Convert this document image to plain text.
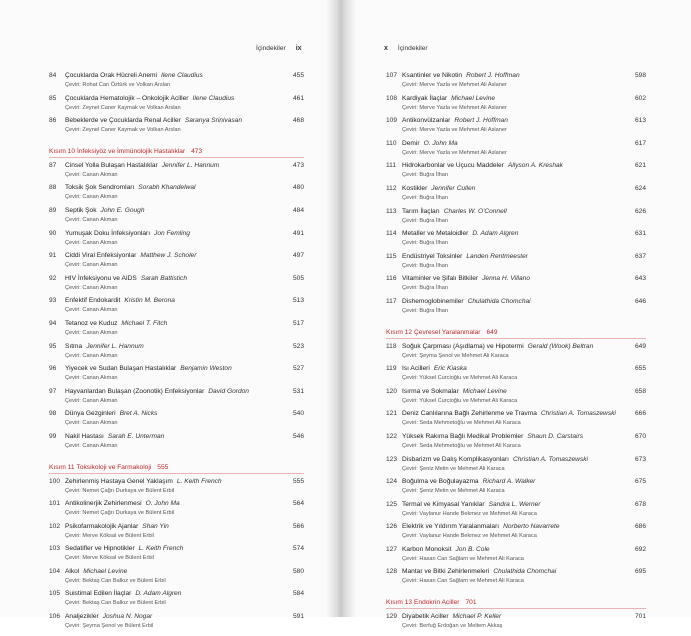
İçindekiler ix
84 Çocuklarda Orak Hücreli Anemi Ilene Claudius
Çeviri: Rohat Can Öztürk ve Volkan Arslan
455
85 Çocuklarda Hematolojik – Onkolojik Aciller Ilene Claudius
Çeviri: Zeynel Caner Kaymak ve Volkan Arslan
461
86 Bebeklerde ve Çocuklarda Renal Aciller Saranya Srinivasan
Çeviri: Zeynel Caner Kaymak ve Volkan Arslan
468
Kısım 10 İnfeksiyöz ve İmmünolojik Hastalıklar 473
87 Cinsel Yolla Bulaşan Hastalıklar Jennifer L. Hannum
Çeviri: Canan Akman
473
88 Toksik Şok Sendromları Sorabh Khandelwal
Çeviri: Canan Akman
480
89 Septik Şok John E. Gough
Çeviri: Canan Akman
484
90 Yumuşak Doku İnfeksiyonları Jon Femling
Çeviri: Canan Akman
491
91 Ciddi Viral Enfeksiyonlar Matthew J. Scholer
Çeviri: Canan Akman
497
92 HIV İnfeksiyonu ve AIDS Sarah Battistich
Çeviri: Canan Akman
505
93 Enfektif Endokardit Kristin M. Berona
Çeviri: Canan Akman
513
94 Tetanoz ve Kuduz Michael T. Fitch
Çeviri: Canan Akman
517
95 Sıtma Jennifer L. Hannum
Çeviri: Canan Akman
523
96 Yiyecek ve Sudan Bulaşan Hastalıklar Benjamin Weston
Çeviri: Canan Akman
527
97 Hayvanlardan Bulaşan (Zoonotik) Enfeksiyonlar David Gordon
Çeviri: Canan Akman
531
98 Dünya Gezginleri Bret A. Nicks
Çeviri: Canan Akman
540
99 Nakil Hastası Sarah E. Unterman
Çeviri: Canan Akman
546
Kısım 11 Toksikoloji ve Farmakoloji 555
100 Zehirlenmiş Hastaya Genel Yaklaşım L. Keith French
Çeviri: Nemet Çağrı Durkaya ve Bülent Erbil
555
101 Antikolinerjik Zehirlenmesi O. John Ma
Çeviri: Nemet Çağrı Durkaya ve Bülent Erbil
564
102 Psikofarmakolojik Ajanlar Shan Yin
Çeviri: Merve Köksal ve Bülent Erbil
566
103 Sedatifler ve Hipnotikler L. Keith French
Çeviri: Merve Köksal ve Bülent Erbil
574
104 Alkol Michael Levine
Çeviri: Bektaş Can Balkız ve Bülent Erbil
580
105 Suistimal Edilen İlaçlar D. Adam Algren
Çeviri: Bektaş Can Balkız ve Bülent Erbil
584
106 Analjezikler Joshua N. Nogar
Çeviri: Şeyma Şenol ve Bülent Erbil
591
x İçindekiler
107 Ksantinler ve Nikotin Robert J. Hoffman
Çeviri: Merve Yazla ve Mehmet Ali Aslaner
598
108 Kardiyak İlaçlar Michael Levine
Çeviri: Merve Yazla ve Mehmet Ali Aslaner
602
109 Antikonvülzanlar Robert J. Hoffman
Çeviri: Merve Yazla ve Mehmet Ali Aslaner
613
110 Demir O. John Ma
Çeviri: Merve Yazla ve Mehmet Ali Aslaner
617
111 Hidrokarbonlar ve Uçucu Maddeler Allyson A. Kreshak
Çeviri: Buğra İlhan
621
112 Kostikler Jennifer Cullen
Çeviri: Buğra İlhan
624
113 Tarım İlaçları Charles W. O'Connell
Çeviri: Buğra İlhan
626
114 Metaller ve Metaloidler D. Adam Algren
Çeviri: Buğra İlhan
631
115 Endüstriyel Toksinler Landen Rentmeester
Çeviri: Buğra İlhan
637
116 Vitaminler ve Şifalı Bitkiler Jenna H. Villano
Çeviri: Buğra İlhan
643
117 Dishemoglobinemiler Chulathida Chomchai
Çeviri: Buğra İlhan
646
Kısım 12 Çevresel Yaralanmalar 649
118 Soğuk Çarpması (Aşıdlama) ve Hipotermi Gerald (Wook) Beltran
Çeviri: Şeyma Şenol ve Mehmet Ali Karaca
649
119 Isı Acilleri Eric Kiaska
Çeviri: Yüksel Curcioğlu ve Mehmet Ali Karaca
655
120 Isırma ve Sokmalar Michael Levine
Çeviri: Yüksel Curcioğlu ve Mehmet Ali Karaca
658
121 Deniz Canlılarına Bağlı Zehirlenme ve Travma Christian A. Tomaszewski
Çeviri: Seda Mehmetoğlu ve Mehmet Ali Karaca
666
122 Yüksek Rakıma Bağlı Medikal Problemler Shaun D. Carstairs
Çeviri: Seda Mehmetoğlu ve Mehmet Ali Karaca
670
123 Disbarizm ve Dalış Komplikasyonları Christian A. Tomaszewski
Çeviri: Şeniz Metin ve Mehmet Ali Karaca
673
124 Boğulma ve Boğulayazma Richard A. Walker
Çeviri: Şeniz Metin ve Mehmet Ali Karaca
675
125 Termal ve Kimyasal Yanıklar Sandra L. Werner
Çeviri: Vaylanur Hande Bekmez ve Mehmet Ali Karaca
678
126 Elektrik ve Yıldırım Yaralanmaları Norberto Navarrete
Çeviri: Vaylanur Hande Bekmez ve Mehmet Ali Karaca
686
127 Karbon Monoksit Jon B. Cole
Çeviri: Hasan Can Sağlam ve Mehmet Ali Karaca
692
128 Mantar ve Bitki Zehirlenmeleri Chulathida Chomchai
Çeviri: Hasan Can Sağlam ve Mehmet Ali Karaca
695
Kısım 13 Endokrin Aciller 701
129 Diyabetik Aciller Michael P. Keller
Çeviri: Berfuğ Erdoğan ve Meltem Akkaş
701
